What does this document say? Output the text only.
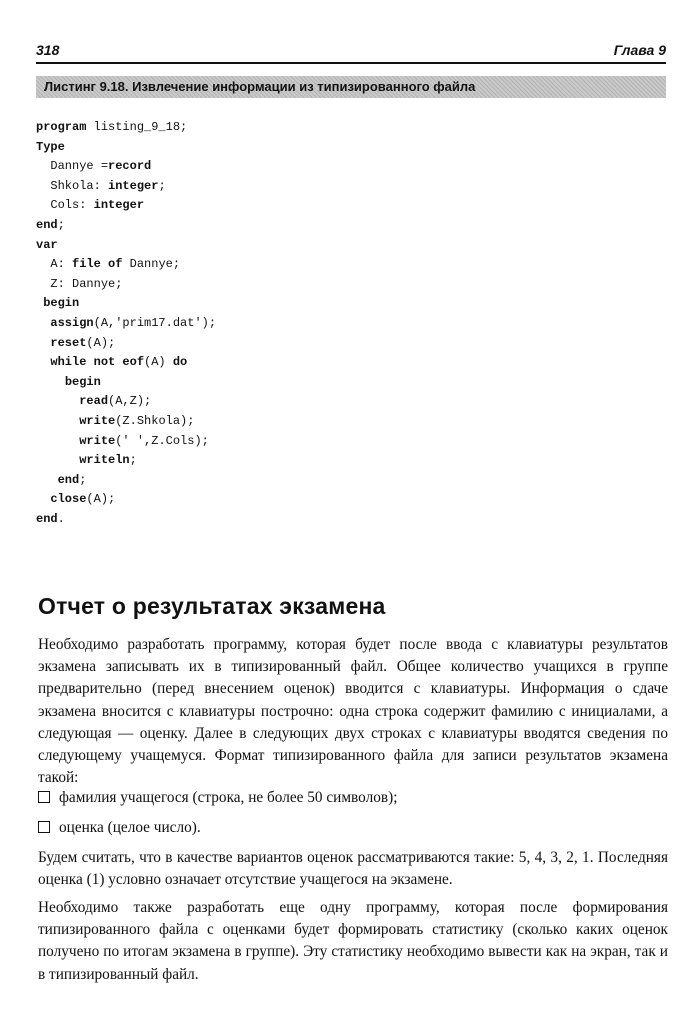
318	Глава 9
Листинг 9.18. Извлечение информации из типизированного файла
program listing_9_18;
Type
Dannye =record
Shkola: integer;
Cols: integer
end;
var
A: file of Dannye;
Z: Dannye;
begin
assign(A,'prim17.dat');
reset(A);
while not eof(A) do
begin
read(A,Z);
write(Z.Shkola);
write(' ',Z.Cols);
writeln;
end;
close(A);
end.
Отчет о результатах экзамена
Необходимо разработать программу, которая будет после ввода с клавиатуры результатов экзамена записывать их в типизированный файл. Общее количество учащихся в группе предварительно (перед внесением оценок) вводится с клавиатуры. Информация о сдаче экзамена вносится с клавиатуры построчно: одна строка содержит фамилию с инициалами, а следующая — оценку. Далее в следующих двух строках с клавиатуры вводятся сведения по следующему учащемуся. Формат типизированного файла для записи результатов экзамена такой:
фамилия учащегося (строка, не более 50 символов);
оценка (целое число).
Будем считать, что в качестве вариантов оценок рассматриваются такие: 5, 4, 3, 2, 1. Последняя оценка (1) условно означает отсутствие учащегося на экзамене.
Необходимо также разработать еще одну программу, которая после формирования типизированного файла с оценками будет формировать статистику (сколько каких оценок получено по итогам экзамена в группе). Эту статистику необходимо вывести как на экран, так и в типизированный файл.
